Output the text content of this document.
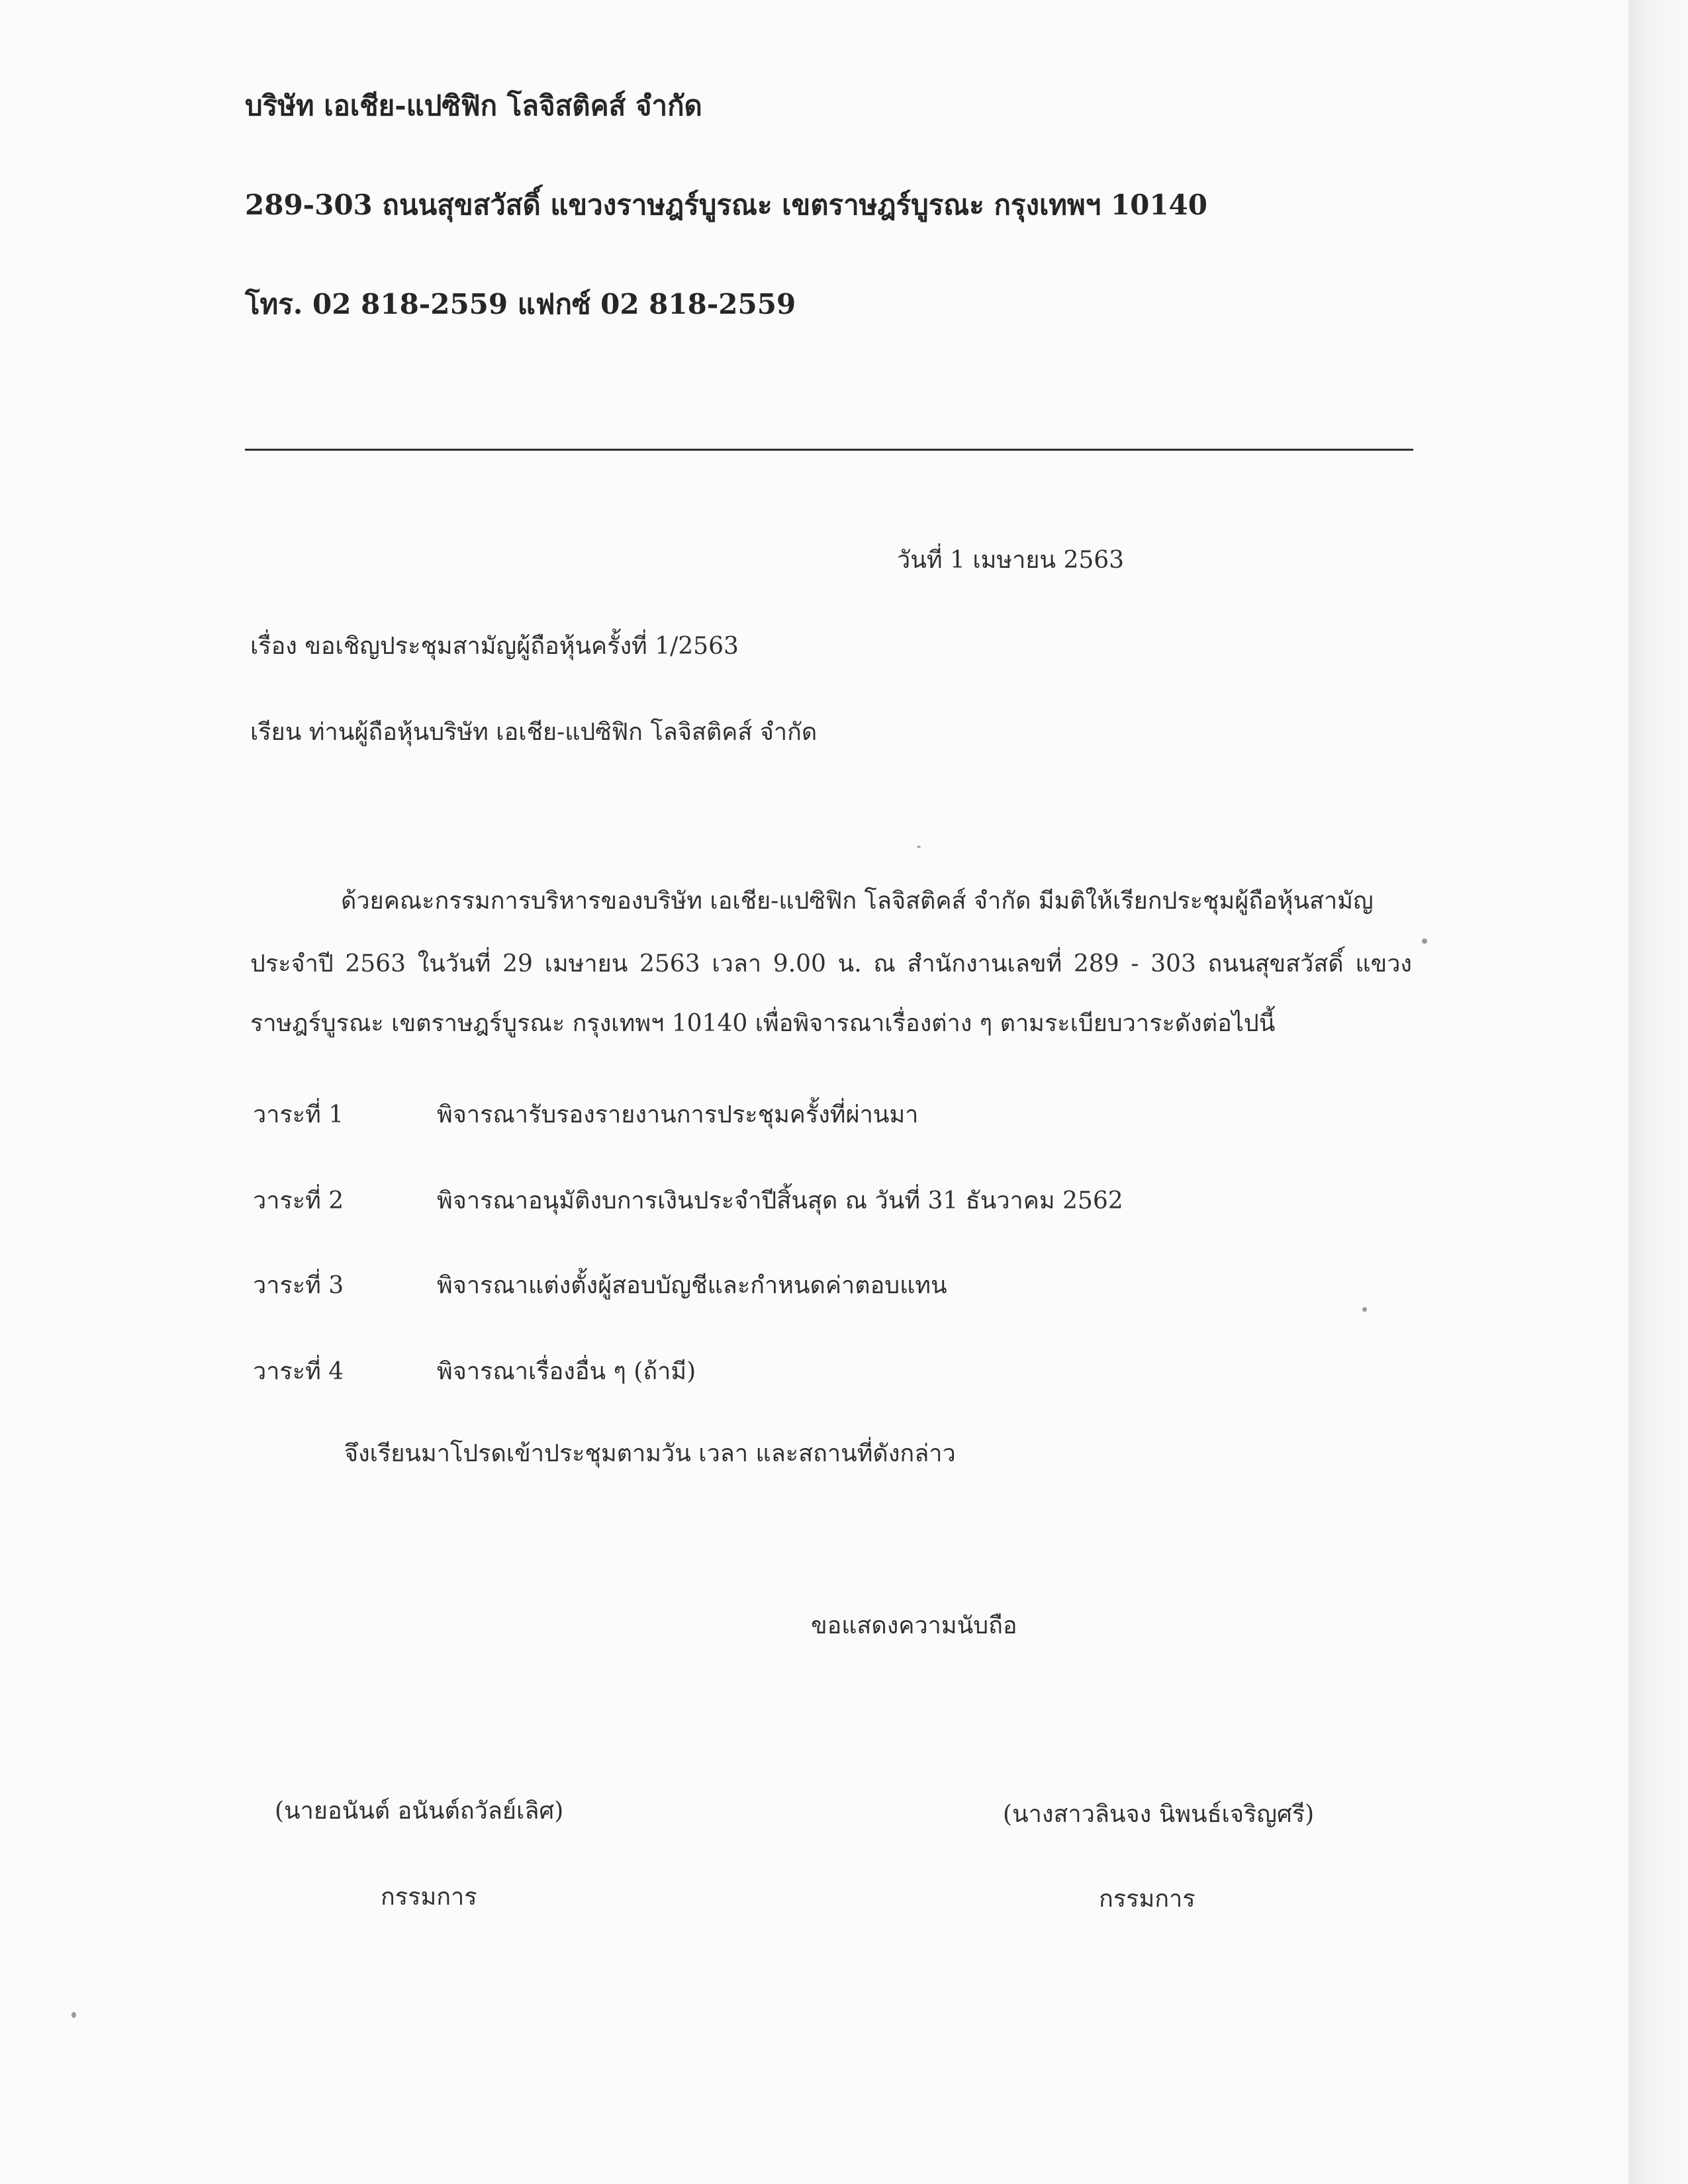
บริษัท เอเชีย-แปซิฟิก โลจิสติคส์ จำกัด
289-303 ถนนสุขสวัสดิ์ แขวงราษฎร์บูรณะ เขตราษฎร์บูรณะ กรุงเทพฯ 10140
โทร. 02 818-2559 แฟกซ์ 02 818-2559
วันที่ 1 เมษายน 2563
เรื่อง ขอเชิญประชุมสามัญผู้ถือหุ้นครั้งที่ 1/2563
เรียน ท่านผู้ถือหุ้นบริษัท เอเชีย-แปซิฟิก โลจิสติคส์ จำกัด
ด้วยคณะกรรมการบริหารของบริษัท เอเชีย-แปซิฟิก โลจิสติคส์ จำกัด มีมติให้เรียกประชุมผู้ถือหุ้นสามัญ
ประจำปี 2563 ในวันที่ 29 เมษายน 2563 เวลา 9.00 น. ณ สำนักงานเลขที่ 289 - 303 ถนนสุขสวัสดิ์ แขวง
ราษฎร์บูรณะ เขตราษฎร์บูรณะ กรุงเทพฯ 10140 เพื่อพิจารณาเรื่องต่าง ๆ ตามระเบียบวาระดังต่อไปนี้
วาระที่ 1	พิจารณารับรองรายงานการประชุมครั้งที่ผ่านมา
วาระที่ 2	พิจารณาอนุมัติงบการเงินประจำปีสิ้นสุด ณ วันที่ 31 ธันวาคม 2562
วาระที่ 3	พิจารณาแต่งตั้งผู้สอบบัญชีและกำหนดค่าตอบแทน
วาระที่ 4	พิจารณาเรื่องอื่น ๆ (ถ้ามี)
จึงเรียนมาโปรดเข้าประชุมตามวัน เวลา และสถานที่ดังกล่าว
ขอแสดงความนับถือ
(นายอนันต์ อนันต์ถวัลย์เลิศ)
กรรมการ
(นางสาวลินจง นิพนธ์เจริญศรี)
กรรมการ
